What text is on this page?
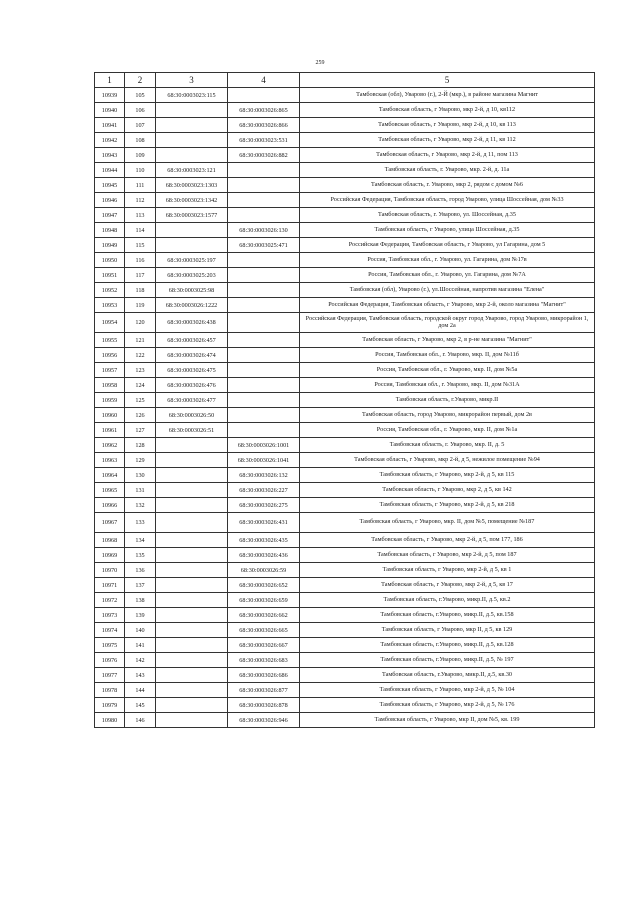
259
1	2	3	4	5
10939	105	68:30:0003023:115		Тамбовская (обл), Уварово (г.), 2-Й (мкр.), в районе магазина Магнит
10940	106		68:30:0003026:865	Тамбовская область, г Уварово, мкр 2-й, д 10, кв112
10941	107		68:30:0003026:866	Тамбовская область, г Уварово, мкр 2-й, д 10, кв 113
10942	108		68:30:0003023:531	Тамбовская область, г Уварово, мкр 2-й, д 11, кв 112
10943	109		68:30:0003026:882	Тамбовская область, г Уварово, мкр 2-й, д 11, пом 113
10944	110	68:30:0003023:121		Тамбовская область, г. Уварово, мкр. 2-й, д. 11а
10945	111	68:30:0003023:1303		Тамбовская область, г. Уварово, мкр 2, рядом с домом №6
10946	112	68:30:0003023:1342		Российская Федерация, Тамбовская область, город Уварово, улица Шоссейная, дом №33
10947	113	68:30:0003023:1577		Тамбовская область, г. Уварово, ул. Шоссейная, д.35
10948	114		68:30:0003026:130	Тамбовская область, г Уварово, улица Шоссейная, д.35
10949	115		68:30:0003025:471	Российская Федерация, Тамбовская область, г Уварово, ул Гагарина, дом 5
10950	116	68:30:0003025:197		Россия, Тамбовская обл., г. Уварово, ул. Гагарина, дом №17в
10951	117	68:30:0003025:203		Россия, Тамбовская обл., г. Уварово, ул. Гагарина, дом №7А
10952	118	68:30:0003025:98		Тамбовская (обл), Уварово (г.), ул.Шоссейная, напротив магазина "Елена"
10953	119	68:30:0003026:1222		Российская Федерация, Тамбовская область, г Уварово, мкр 2-й, около магазина "Магнит"
10954	120	68:30:0003026:438		Российская Федерация, Тамбовская область, городской округ город Уварово, город Уварово, микрорайон 1, дом 2а
10955	121	68:30:0003026:457		Тамбовская область, г Уварово, мкр 2, в р-не магазина "Магнит"
10956	122	68:30:0003026:474		Россия, Тамбовская обл., г. Уварово, мкр. II, дом №11б
10957	123	68:30:0003026:475		Россия, Тамбовская обл., г. Уварово, мкр. II, дом №5а
10958	124	68:30:0003026:476		Россия, Тамбовская обл., г. Уварово, мкр. II, дом №31А
10959	125	68:30:0003026:477		Тамбовская область, г.Уварово, микр.II
10960	126	68:30:0003026:50		Тамбовская область, город Уварово, микрорайон первый, дом 2в
10961	127	68:30:0003026:51		Россия, Тамбовская обл., г. Уварово, мкр. II, дом №1а
10962	128		68:30:0003026:1001	Тамбовская область, г. Уварово, мкр. II, д. 5
10963	129		68:30:0003026:1041	Тамбовская область, г Уварово, мкр 2-й, д 5, нежилое помещение №94
10964	130		68:30:0003026:132	Тамбовская область, г Уварово, мкр 2-й, д 5, кв 115
10965	131		68:30:0003026:227	Тамбовская область, г Уварово, мкр 2, д 5, кв 142
10966	132		68:30:0003026:275	Тамбовская область, г Уварово, мкр 2-й, д 5, кв 218
10967	133		68:30:0003026:431	Тамбовская область, г Уварово, мкр. II, дом №5, помещение №187
10968	134		68:30:0003026:435	Тамбовская область, г Уварово, мкр 2-й, д 5, пом 177, 186
10969	135		68:30:0003026:436	Тамбовская область, г Уварово, мкр 2-й, д 5, пом 187
10970	136		68:30:0003026:59	Тамбовская область, г Уварово, мкр 2-й, д 5, кв 1
10971	137		68:30:0003026:652	Тамбовская область, г Уварово, мкр 2-й, д 5, кв 17
10972	138		68:30:0003026:659	Тамбовская область, г.Уварово, микр.II, д.5, кв.2
10973	139		68:30:0003026:662	Тамбовская область, г.Уварово, микр.II, д.5, кв.158
10974	140		68:30:0003026:665	Тамбовская область, г Уварово, мкр II, д 5, кв 129
10975	141		68:30:0003026:667	Тамбовская область, г.Уварово, микр.II, д.5, кв.128
10976	142		68:30:0003026:683	Тамбовская область, г.Уварово, микр.II, д.5, № 197
10977	143		68:30:0003026:686	Тамбовская область, г.Уварово, микр.II, д.5, кв.30
10978	144		68:30:0003026:877	Тамбовская область, г Уварово, мкр 2-й, д 5, № 104
10979	145		68:30:0003026:878	Тамбовская область, г Уварово, мкр 2-й, д 5, № 176
10980	146		68:30:0003026:946	Тамбовская область, г Уварово, мкр II, дом №5, кв. 199
